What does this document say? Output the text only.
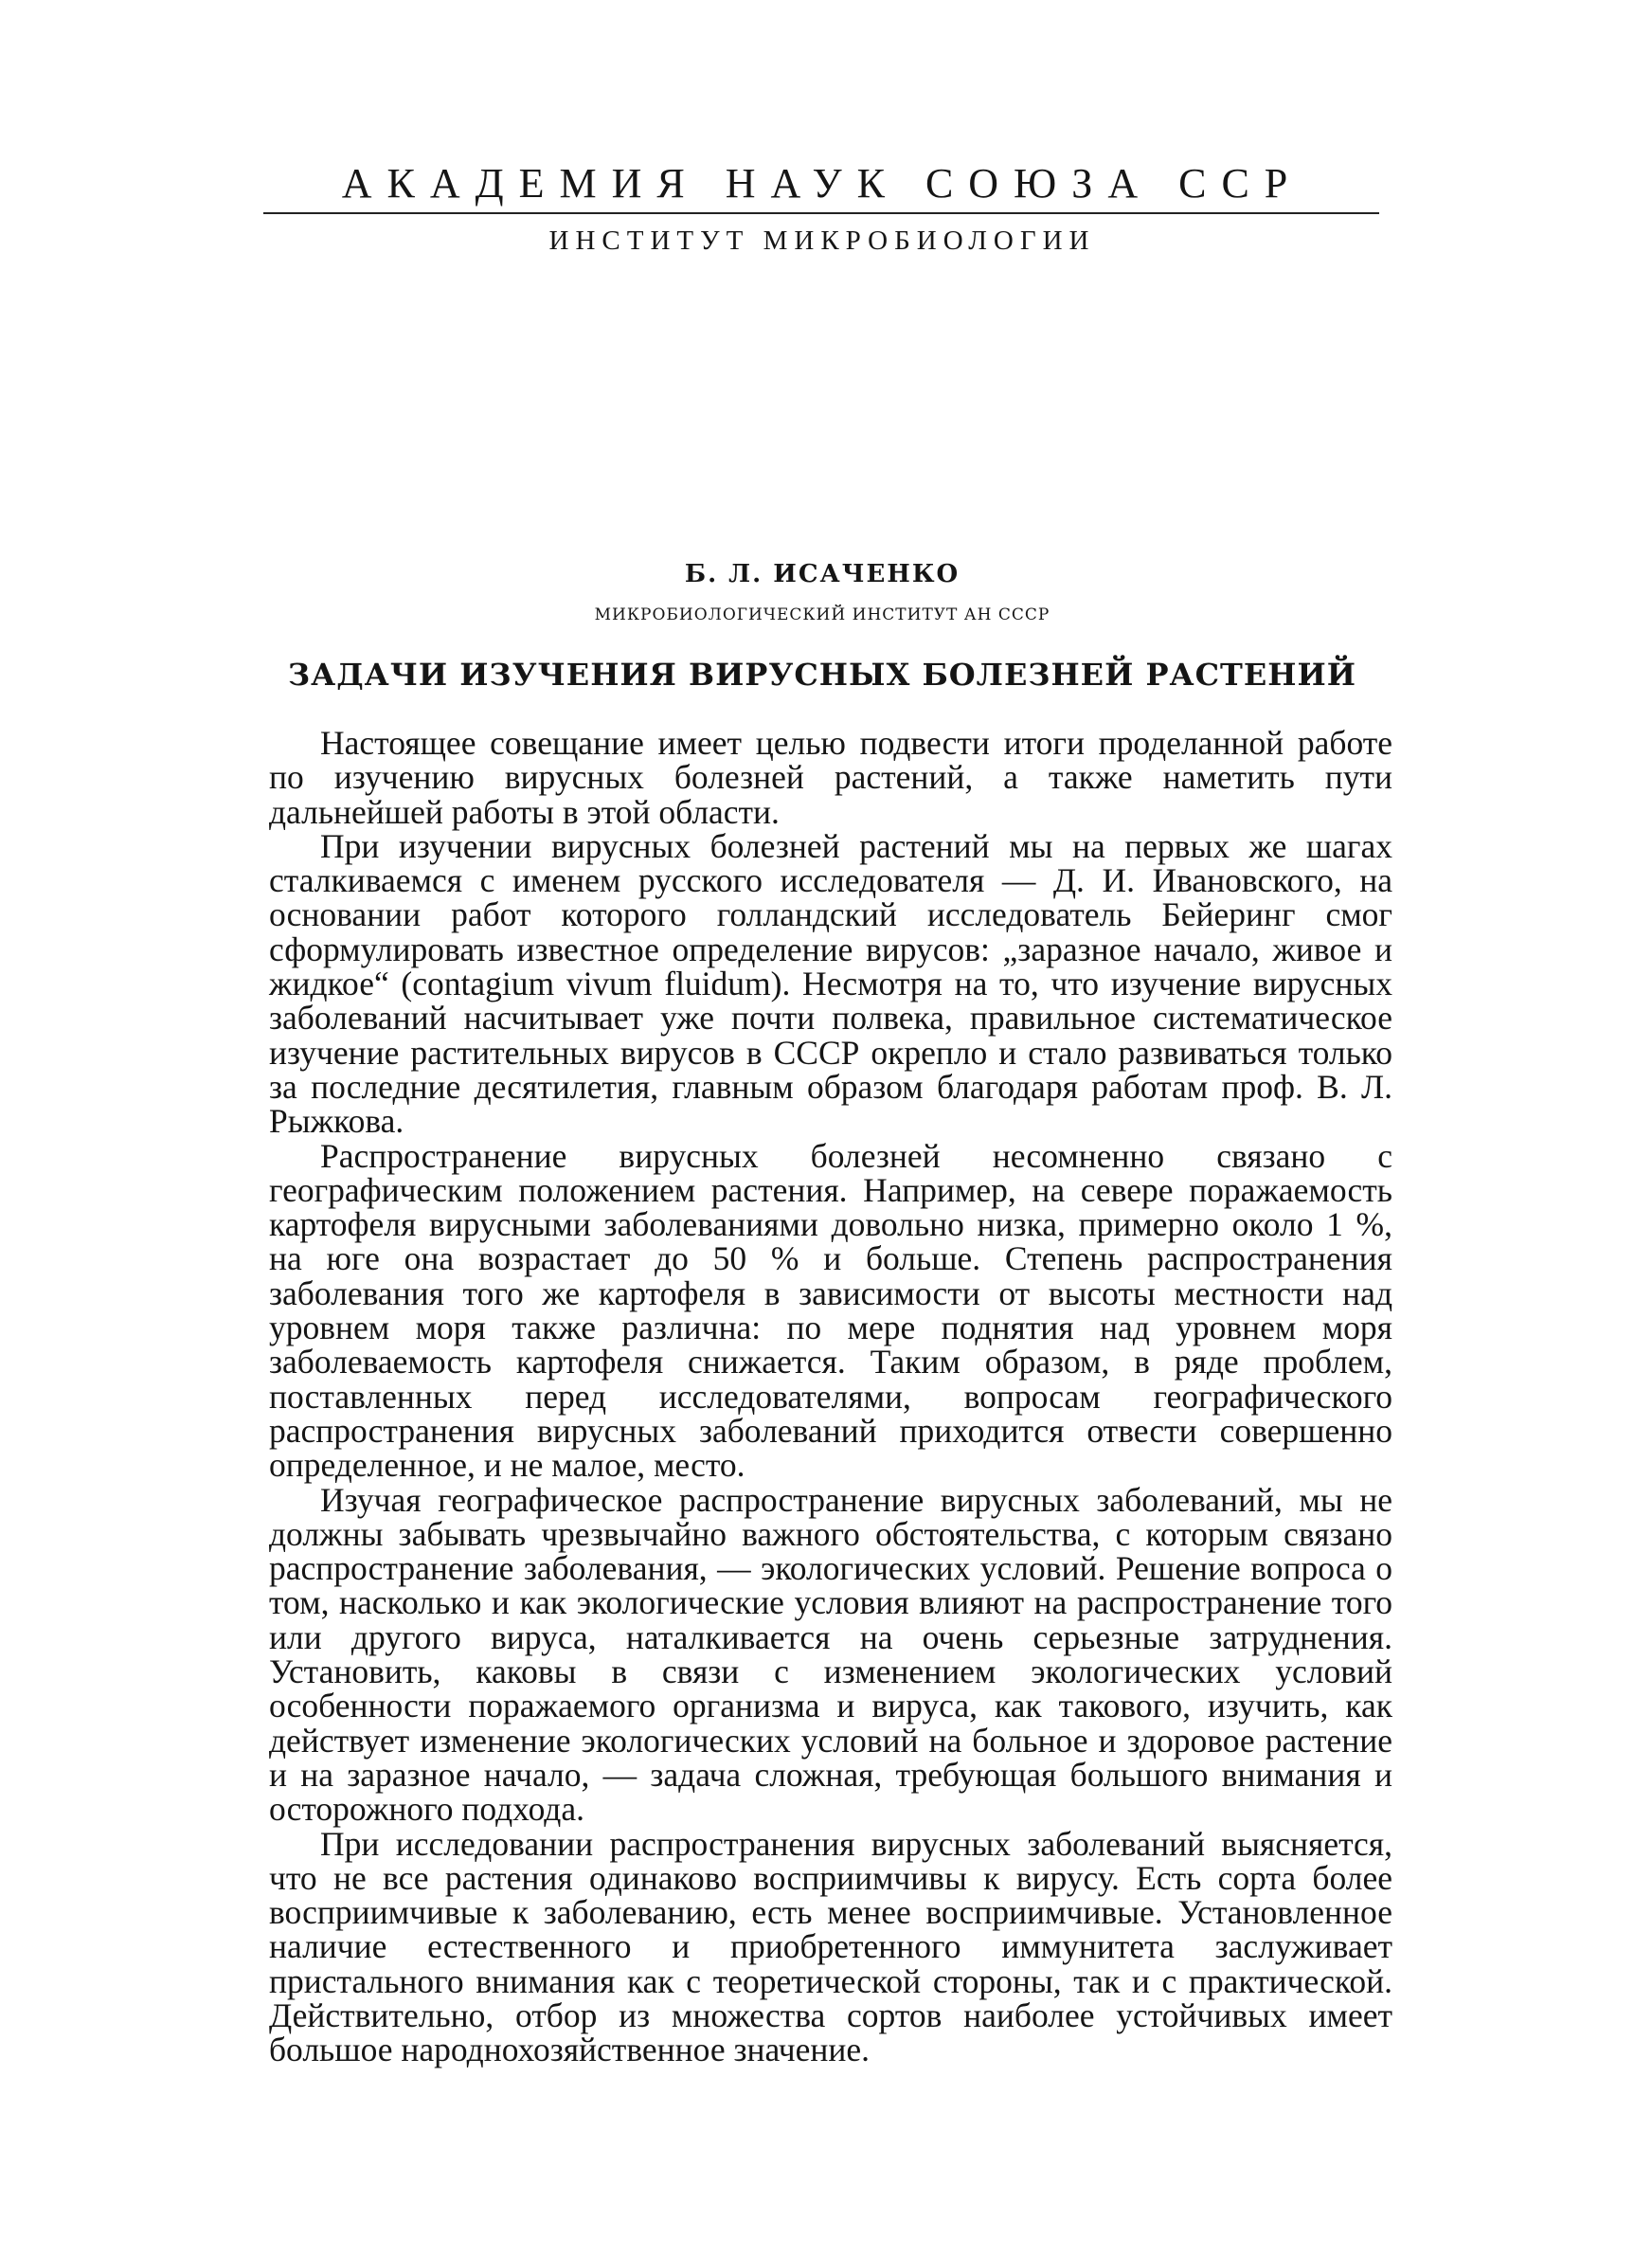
АКАДЕМИЯ НАУК СОЮЗА ССР
ИНСТИТУТ МИКРОБИОЛОГИИ
Б. Л. ИСАЧЕНКО
МИКРОБИОЛОГИЧЕСКИЙ ИНСТИТУТ АН СССР
ЗАДАЧИ ИЗУЧЕНИЯ ВИРУСНЫХ БОЛЕЗНЕЙ РАСТЕНИЙ

Настоящее совещание имеет целью подвести итоги проделанной работе по изучению вирусных болезней растений, а также наметить пути дальнейшей работы в этой области.

При изучении вирусных болезней растений мы на первых же шагах сталкиваемся с именем русского исследователя — Д. И. Ивановского, на основании работ которого голландский исследователь Бейеринг смог сформулировать известное определение вирусов: „заразное начало, живое и жидкое“ (contagium vivum fluidum). Несмотря на то, что изучение вирусных заболеваний насчитывает уже почти полвека, правильное систематическое изучение растительных вирусов в СССР окрепло и стало развиваться только за последние десятилетия, главным образом благодаря работам проф. В. Л. Рыжкова.

Распространение вирусных болезней несомненно связано с географическим положением растения. Например, на севере поражаемость картофеля вирусными заболеваниями довольно низка, примерно около 1 %, на юге она возрастает до 50 % и больше. Степень распространения заболевания того же картофеля в зависимости от высоты местности над уровнем моря также различна: по мере поднятия над уровнем моря заболеваемость картофеля снижается. Таким образом, в ряде проблем, поставленных перед исследователями, вопросам географического распространения вирусных заболеваний приходится отвести совершенно определенное, и не малое, место.

Изучая географическое распространение вирусных заболеваний, мы не должны забывать чрезвычайно важного обстоятельства, с которым связано распространение заболевания, — экологических условий. Решение вопроса о том, насколько и как экологические условия влияют на распространение того или другого вируса, наталкивается на очень серьезные затруднения. Установить, каковы в связи с изменением экологических условий особенности поражаемого организма и вируса, как такового, изучить, как действует изменение экологических условий на больное и здоровое растение и на заразное начало, — задача сложная, требующая большого внимания и осторожного подхода.

При исследовании распространения вирусных заболеваний выясняется, что не все растения одинаково восприимчивы к вирусу. Есть сорта более восприимчивые к заболеванию, есть менее восприимчивые. Установленное наличие естественного и приобретенного иммунитета заслуживает пристального внимания как с теоретической стороны, так и с практической. Действительно, отбор из множества сортов наиболее устойчивых имеет большое народнохозяйственное значение.
